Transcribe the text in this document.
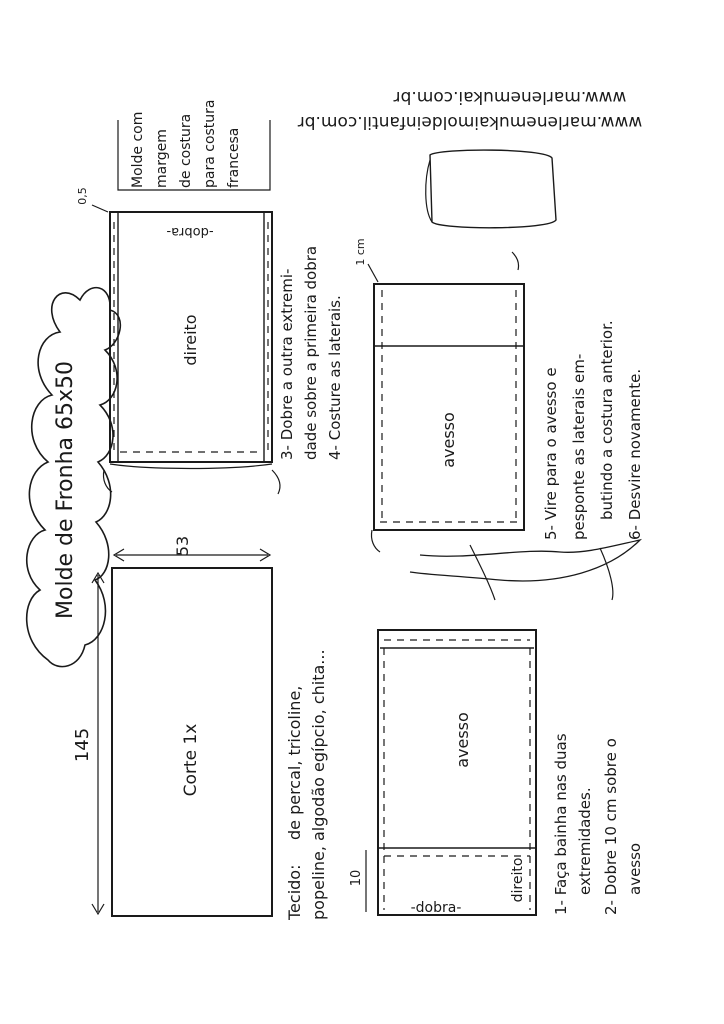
Molde de Fronha 65x50
Corte 1x
145
53
Tecido:
de percal, tricoline, popeline, algodão egípcio, chita...	avesso
-dobra-
direito
10	1- Faça bainha nas duas extremidades. 2- Dobre 10 cm sobre o avesso
direito
-dobra-
0,5
3- Dobre a outra extremi- dade sobre a primeira dobra 4- Costure as laterais.	avesso
1 cm
5- Vire para o avesso e pesponte as laterais em- butindo a costura anterior. 6- Desvire novamente.
Molde com margem de costura para costura francesa
www.marlenemukai.com.br
www.marlenemukaimoldeinfantil.com.br
